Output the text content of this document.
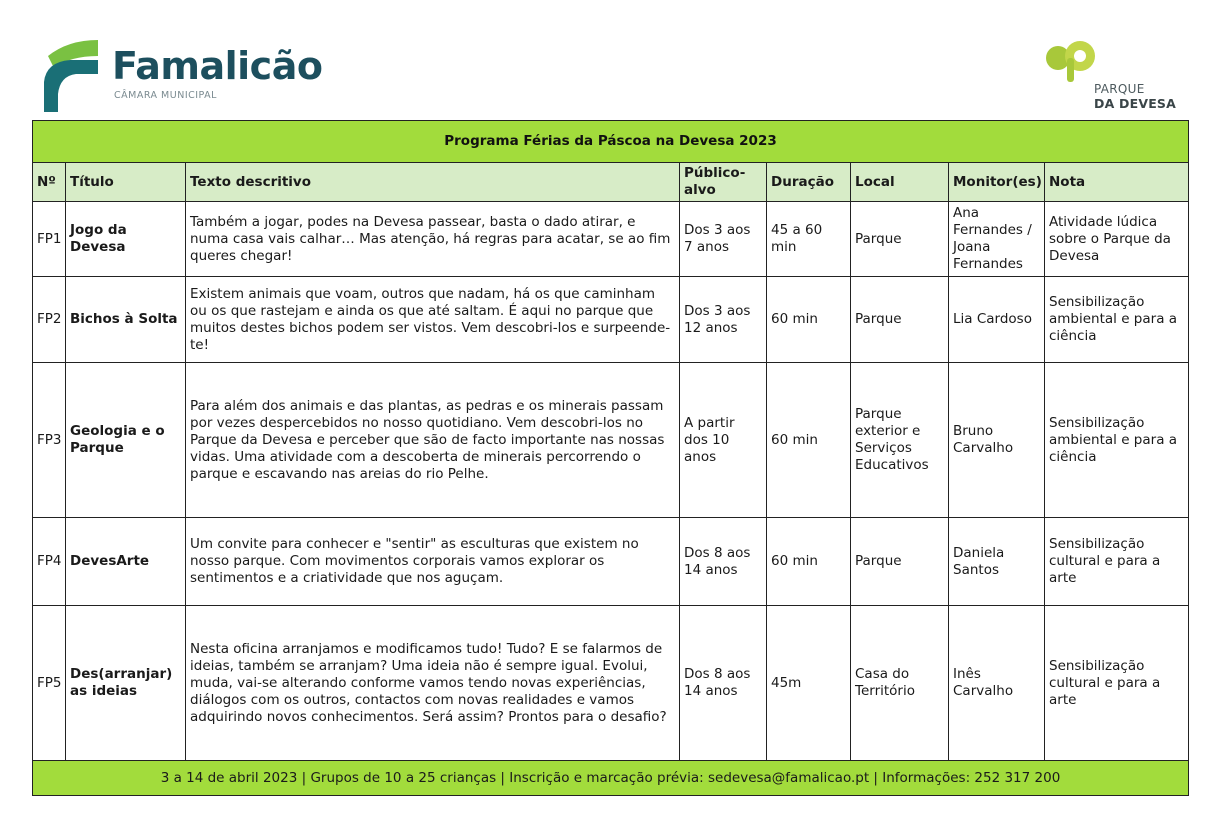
Famalicão
CÂMARA MUNICIPAL	PARQUE
DA DEVESA
Programa Férias da Páscoa na Devesa 2023							
Nº	Título	Texto descritivo	Público-alvo	Duração	Local	Monitor(es)	Nota
FP1	Jogo da Devesa	Também a jogar, podes na Devesa passear, basta o dado atirar, e numa casa vais calhar… Mas atenção, há regras para acatar, se ao fim queres chegar!	Dos 3 aos 7 anos	45 a 60 min	Parque	Ana Fernandes / Joana Fernandes	Atividade lúdica sobre o Parque da Devesa
FP2	Bichos à Solta	Existem animais que voam, outros que nadam, há os que caminham ou os que rastejam e ainda os que até saltam. É aqui no parque que muitos destes bichos podem ser vistos. Vem descobri-los e surpeende-te!	Dos 3 aos 12 anos	60 min	Parque	Lia Cardoso	Sensibilização ambiental e para a ciência
FP3	Geologia e o Parque	Para além dos animais e das plantas, as pedras e os minerais passam por vezes despercebidos no nosso quotidiano. Vem descobri-los no Parque da Devesa e perceber que são de facto importante nas nossas vidas. Uma atividade com a descoberta de minerais percorrendo o parque e escavando nas areias do rio Pelhe.	A partir dos 10 anos	60 min	Parque exterior e Serviços Educativos	Bruno Carvalho	Sensibilização ambiental e para a ciência
FP4	DevesArte	Um convite para conhecer e "sentir" as esculturas que existem no nosso parque. Com movimentos corporais vamos explorar os sentimentos e a criatividade que nos aguçam.	Dos 8 aos 14 anos	60 min	Parque	Daniela Santos	Sensibilização cultural e para a arte
FP5	Des(arranjar) as ideias	Nesta oficina arranjamos e modificamos tudo! Tudo? E se falarmos de ideias, também se arranjam? Uma ideia não é sempre igual. Evolui, muda, vai-se alterando conforme vamos tendo novas experiências, diálogos com os outros, contactos com novas realidades e vamos adquirindo novos conhecimentos. Será assim? Prontos para o desafio?	Dos 8 aos 14 anos	45m	Casa do Território	Inês Carvalho	Sensibilização cultural e para a arte
3 a 14 de abril 2023 | Grupos de 10 a 25 crianças | Inscrição e marcação prévia: sedevesa@famalicao.pt | Informações: 252 317 200							
